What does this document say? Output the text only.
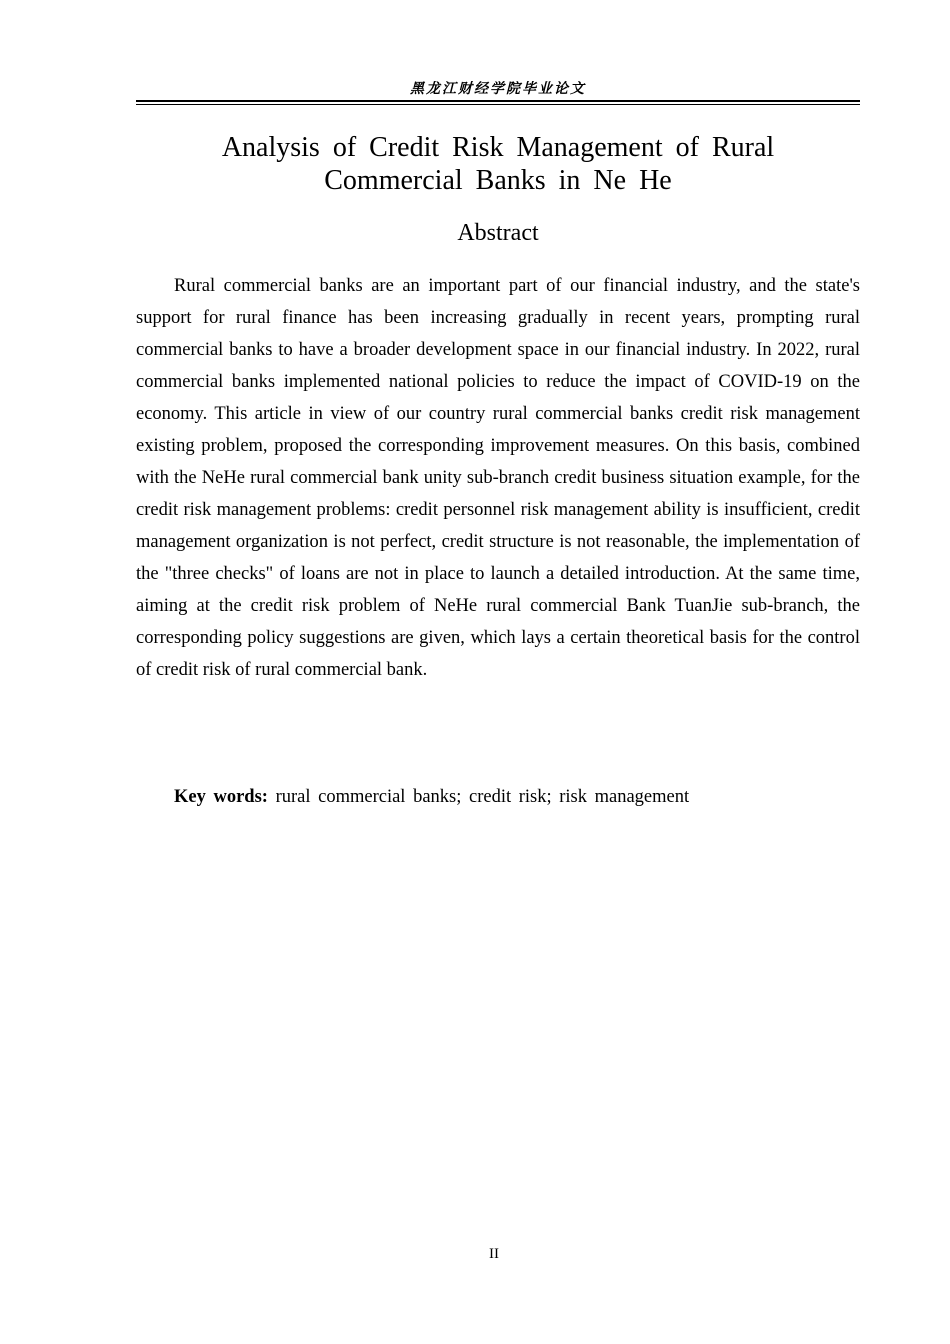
黑龙江财经学院毕业论文
Analysis of Credit Risk Management of Rural
Commercial Banks in Ne He
Abstract

Rural commercial banks are an important part of our financial industry, and the state's support for rural finance has been increasing gradually in recent years, prompting rural commercial banks to have a broader development space in our financial industry. In 2022, rural commercial banks implemented national policies to reduce the impact of COVID-19 on the economy. This article in view of our country rural commercial banks credit risk management existing problem, proposed the corresponding improvement measures. On this basis, combined with the NeHe rural commercial bank unity sub-branch credit business situation example, for the credit risk management problems: credit personnel risk management ability is insufficient, credit management organization is not perfect, credit structure is not reasonable, the implementation of the "three checks" of loans are not in place to launch a detailed introduction. At the same time, aiming at the credit risk problem of NeHe rural commercial Bank TuanJie sub-branch, the corresponding policy suggestions are given, which lays a certain theoretical basis for the control of credit risk of rural commercial bank.

Key words: rural commercial banks; credit risk; risk management
II
